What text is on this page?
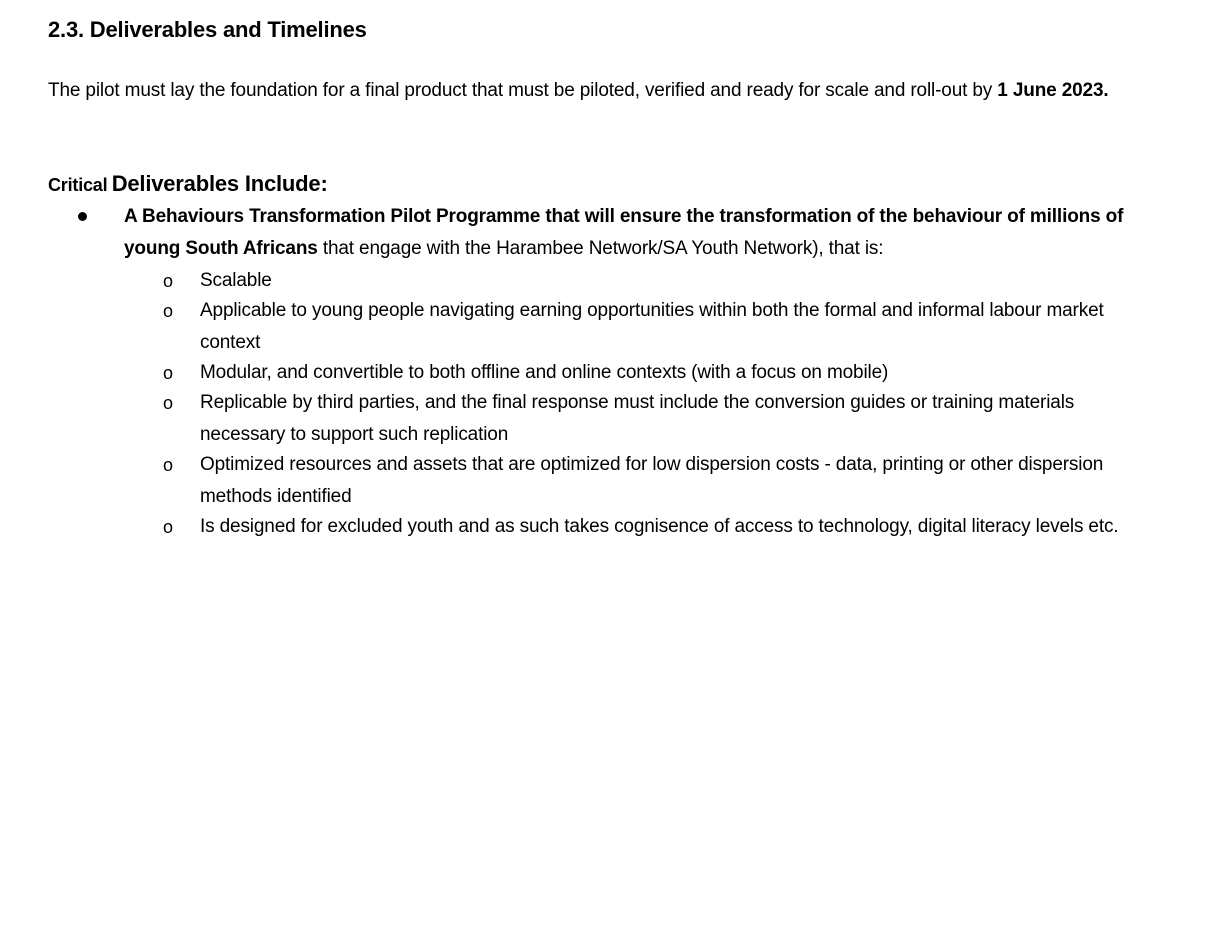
2.3. Deliverables and Timelines

The pilot must lay the foundation for a final product that must be piloted, verified and ready for scale and roll-out by 1 June 2023.

Critical Deliverables Include:
A Behaviours Transformation Pilot Programme that will ensure the transformation of the behaviour of millions of young South Africans that engage with the Harambee Network/SA Youth Network), that is:
o Scalable
o Applicable to young people navigating earning opportunities within both the formal and informal labour market context
o Modular, and convertible to both offline and online contexts (with a focus on mobile)
o Replicable by third parties, and the final response must include the conversion guides or training materials necessary to support such replication
o Optimized resources and assets that are optimized for low dispersion costs - data, printing or other dispersion methods identified
o Is designed for excluded youth and as such takes cognisence of access to technology, digital literacy levels etc.
